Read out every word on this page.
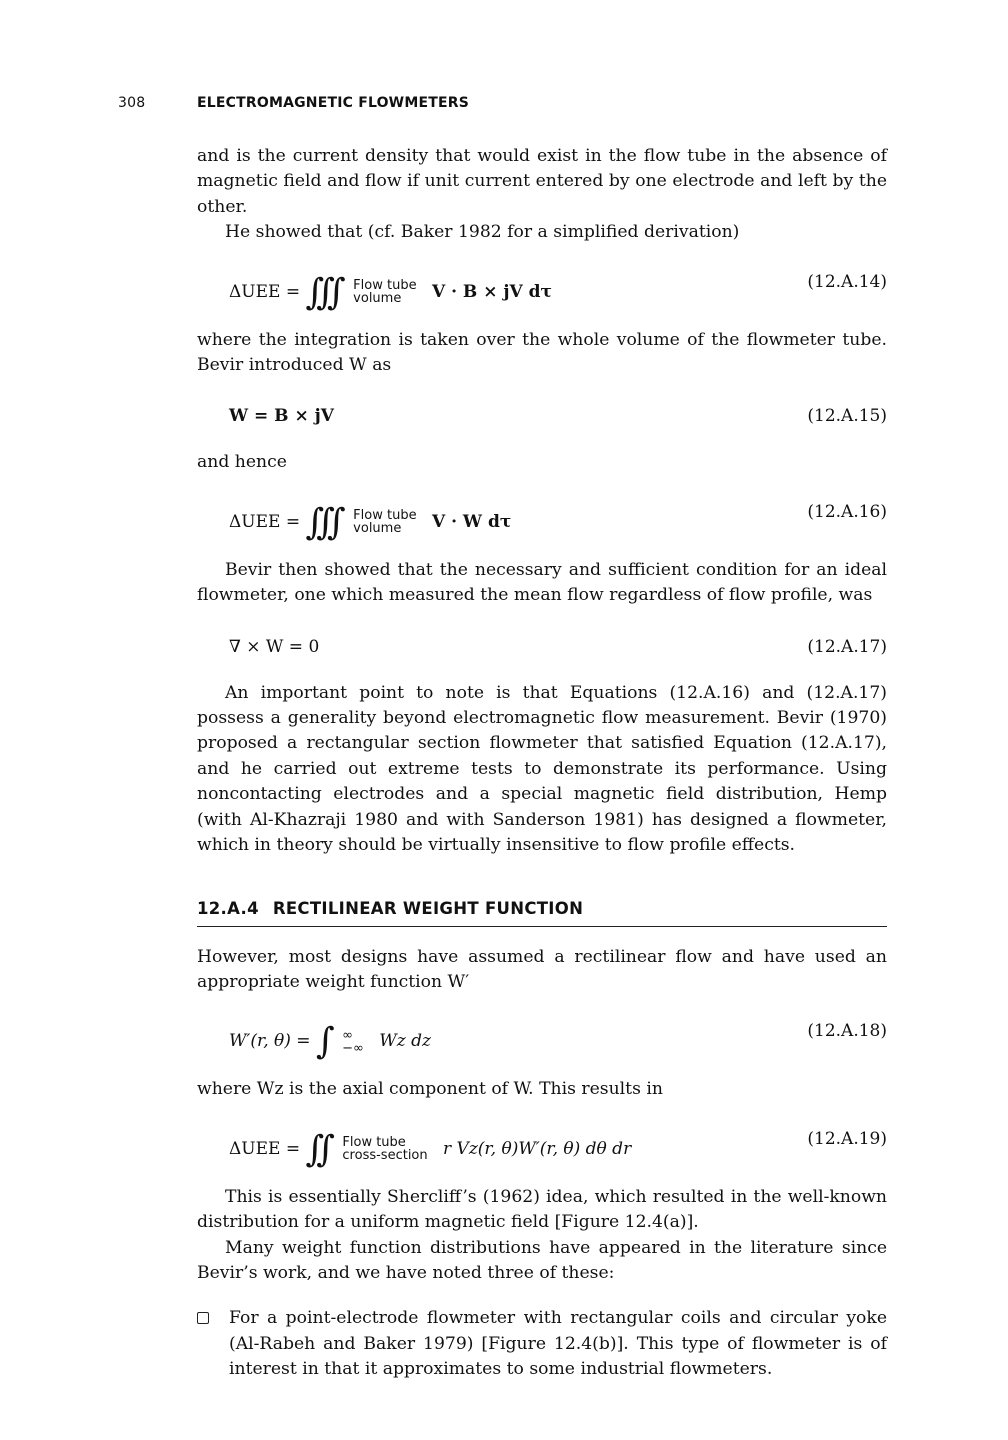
308	ELECTROMAGNETIC FLOWMETERS

and is the current density that would exist in the flow tube in the absence of magnetic field and flow if unit current entered by one electrode and left by the other.

He showed that (cf. Baker 1982 for a simplified derivation)

ΔUEE = ∫∫∫ Flow tube
volume V · B × jV dτ	(12.A.14)

where the integration is taken over the whole volume of the flowmeter tube. Bevir introduced W as

W = B × jV	(12.A.15)

and hence

ΔUEE = ∫∫∫ Flow tube
volume V · W dτ	(12.A.16)

Bevir then showed that the necessary and sufficient condition for an ideal flowmeter, one which measured the mean flow regardless of flow profile, was

∇ × W = 0	(12.A.17)

An important point to note is that Equations (12.A.16) and (12.A.17) possess a generality beyond electromagnetic flow measurement. Bevir (1970) proposed a rectangular section flowmeter that satisfied Equation (12.A.17), and he carried out extreme tests to demonstrate its performance. Using noncontacting electrodes and a special magnetic field distribution, Hemp (with Al-Khazraji 1980 and with Sanderson 1981) has designed a flowmeter, which in theory should be virtually insensitive to flow profile effects.

12.A.4 RECTILINEAR WEIGHT FUNCTION

However, most designs have assumed a rectilinear flow and have used an appropriate weight function W′

W′(r, θ) = ∫ ∞
−∞ Wz dz	(12.A.18)

where Wz is the axial component of W. This results in

ΔUEE = ∫∫ Flow tube
cross-section r Vz(r, θ)W′(r, θ) dθ dr	(12.A.19)

This is essentially Shercliff’s (1962) idea, which resulted in the well-known distribution for a uniform magnetic field [Figure 12.4(a)].

Many weight function distributions have appeared in the literature since Bevir’s work, and we have noted three of these:

For a point-electrode flowmeter with rectangular coils and circular yoke (Al-Rabeh and Baker 1979) [Figure 12.4(b)]. This type of flowmeter is of interest in that it approximates to some industrial flowmeters.
